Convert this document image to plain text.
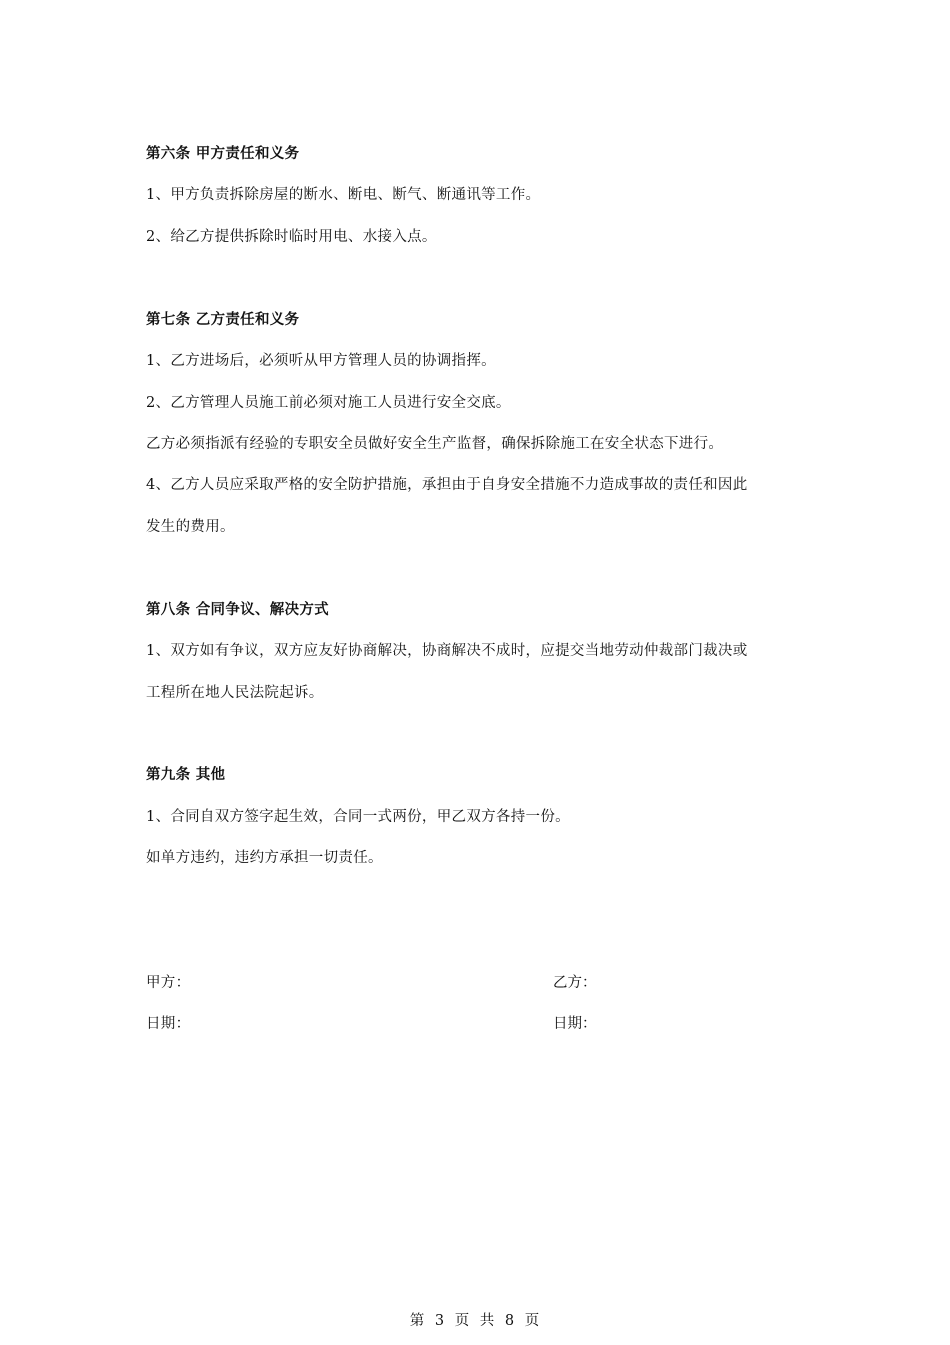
第六条 甲方责任和义务
1、甲方负责拆除房屋的断水、断电、断气、断通讯等工作。
2、给乙方提供拆除时临时用电、水接入点。
第七条 乙方责任和义务
1、乙方进场后，必须听从甲方管理人员的协调指挥。
2、乙方管理人员施工前必须对施工人员进行安全交底。
乙方必须指派有经验的专职安全员做好安全生产监督，确保拆除施工在安全状态下进行。
4、乙方人员应采取严格的安全防护措施，承担由于自身安全措施不力造成事故的责任和因此
发生的费用。
第八条 合同争议、解决方式
1、双方如有争议，双方应友好协商解决，协商解决不成时，应提交当地劳动仲裁部门裁决或
工程所在地人民法院起诉。
第九条 其他
1、合同自双方签字起生效，合同一式两份，甲乙双方各持一份。
如单方违约，违约方承担一切责任。
甲方：	乙方：
日期：	日期：
第 3 页 共 8 页
